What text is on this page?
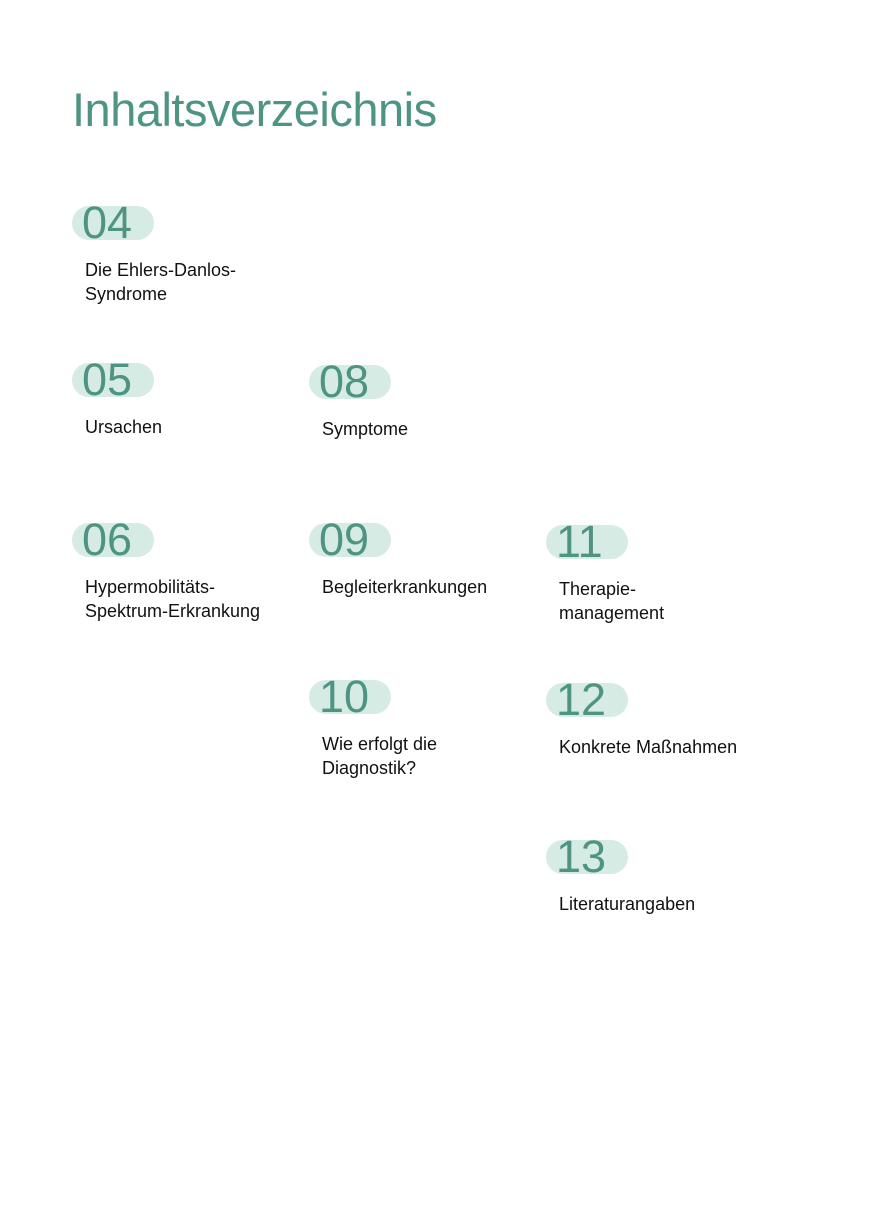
Inhaltsverzeichnis
04
Die Ehlers-Danlos-
Syndrome
05
Ursachen
08
Symptome
06
Hypermobilitäts-
Spektrum-Erkrankung
09
Begleiterkrankungen
11
Therapie-
management
10
Wie erfolgt die
Diagnostik?
12
Konkrete Maßnahmen
13
Literaturangaben
